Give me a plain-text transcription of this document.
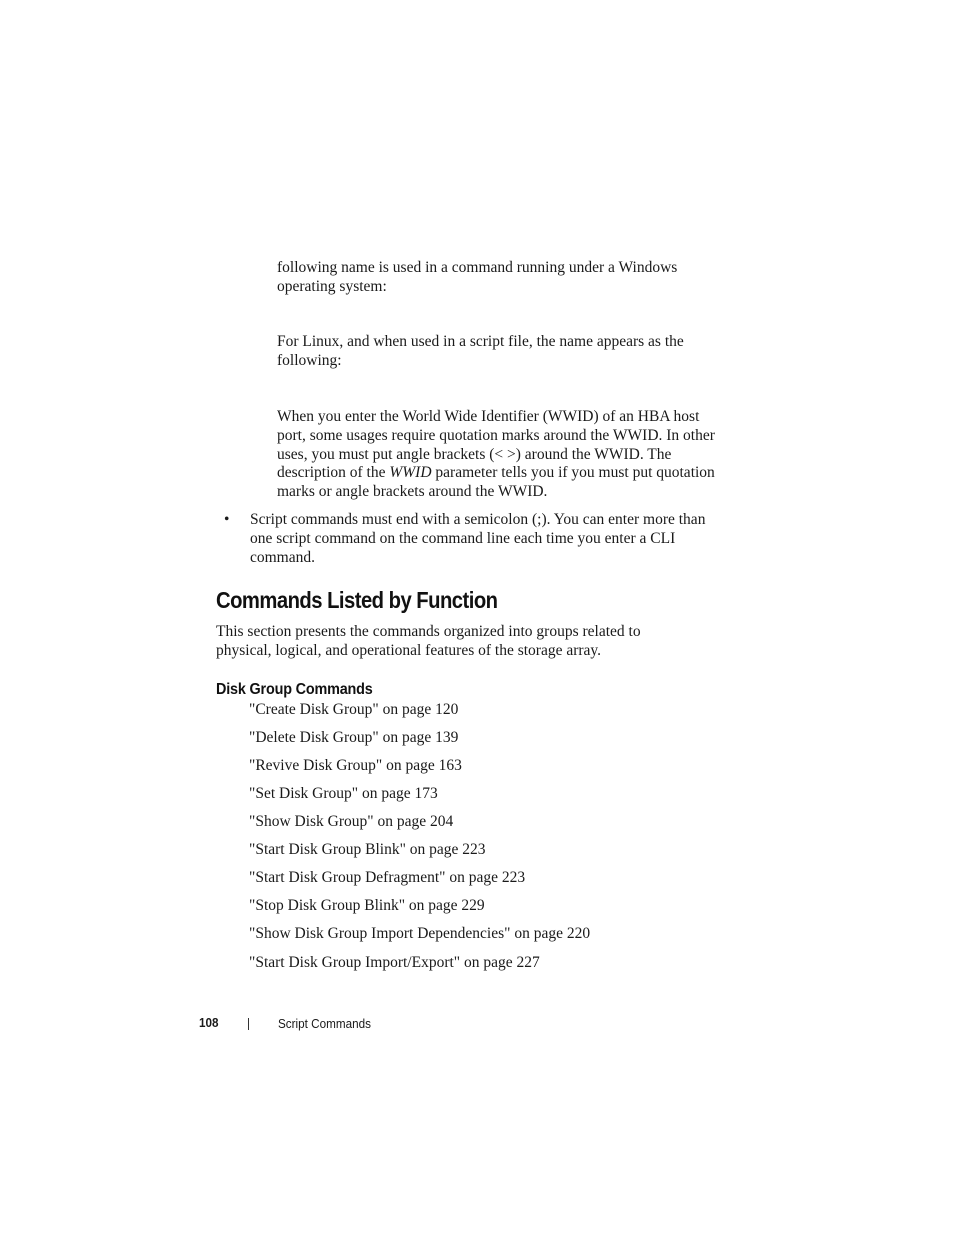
following name is used in a command running under a Windows operating system:

For Linux, and when used in a script file, the name appears as the following:

When you enter the World Wide Identifier (WWID) of an HBA host port, some usages require quotation marks around the WWID. In other uses, you must put angle brackets (< >) around the WWID. The description of the WWID parameter tells you if you must put quotation marks or angle brackets around the WWID.

• Script commands must end with a semicolon (;). You can enter more than one script command on the command line each time you enter a CLI command.
Commands Listed by Function

This section presents the commands organized into groups related to physical, logical, and operational features of the storage array.

Disk Group Commands
"Create Disk Group" on page 120
"Delete Disk Group" on page 139
"Revive Disk Group" on page 163
"Set Disk Group" on page 173
"Show Disk Group" on page 204
"Start Disk Group Blink" on page 223
"Start Disk Group Defragment" on page 223
"Stop Disk Group Blink" on page 229
"Show Disk Group Import Dependencies" on page 220
"Start Disk Group Import/Export" on page 227
108	Script Commands
